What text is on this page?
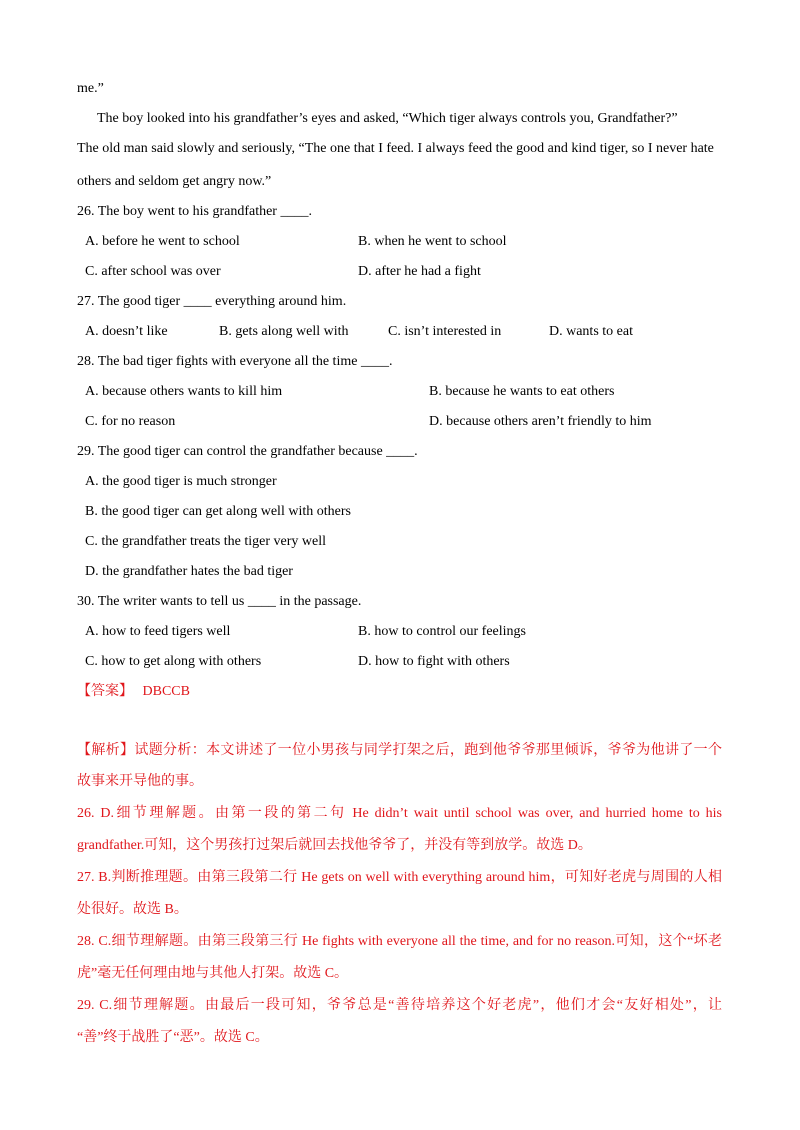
me.”
The boy looked into his grandfather’s eyes and asked, “Which tiger always controls you, Grandfather?”
The old man said slowly and seriously, “The one that I feed. I always feed the good and kind tiger, so I never hate
others and seldom get angry now.”
26. The boy went to his grandfather ____.
A. before he went to school	B. when he went to school
C. after school was over	D. after he had a fight
27. The good tiger ____ everything around him.
A. doesn’t like	B. gets along well with	C. isn’t interested in	D. wants to eat
28. The bad tiger fights with everyone all the time ____.
A. because others wants to kill him	B. because he wants to eat others
C. for no reason	D. because others aren’t friendly to him
29. The good tiger can control the grandfather because ____.
A. the good tiger is much stronger
B. the good tiger can get along well with others
C. the grandfather treats the tiger very well
D. the grandfather hates the bad tiger
30. The writer wants to tell us ____ in the passage.
A. how to feed tigers well	B. how to control our feelings
C. how to get along with others	D. how to fight with others
【答案】 DBCCB
【解析】试题分析：本文讲述了一位小男孩与同学打架之后，跑到他爷爷那里倾诉，爷爷为他讲了一个
故事来开导他的事。
26. D.细节理解题。由第一段的第二句 He didn’t wait until school was over, and hurried home to his
grandfather.可知，这个男孩打过架后就回去找他爷爷了，并没有等到放学。故选 D。
27. B.判断推理题。由第三段第二行 He gets on well with everything around him，可知好老虎与周围的人相
处很好。故选 B。
28. C.细节理解题。由第三段第三行 He fights with everyone all the time, and for no reason.可知，这个“坏老
虎”毫无任何理由地与其他人打架。故选 C。
29. C.细节理解题。由最后一段可知，爷爷总是“善待培养这个好老虎”，他们才会“友好相处”，让
“善”终于战胜了“恶”。故选 C。
